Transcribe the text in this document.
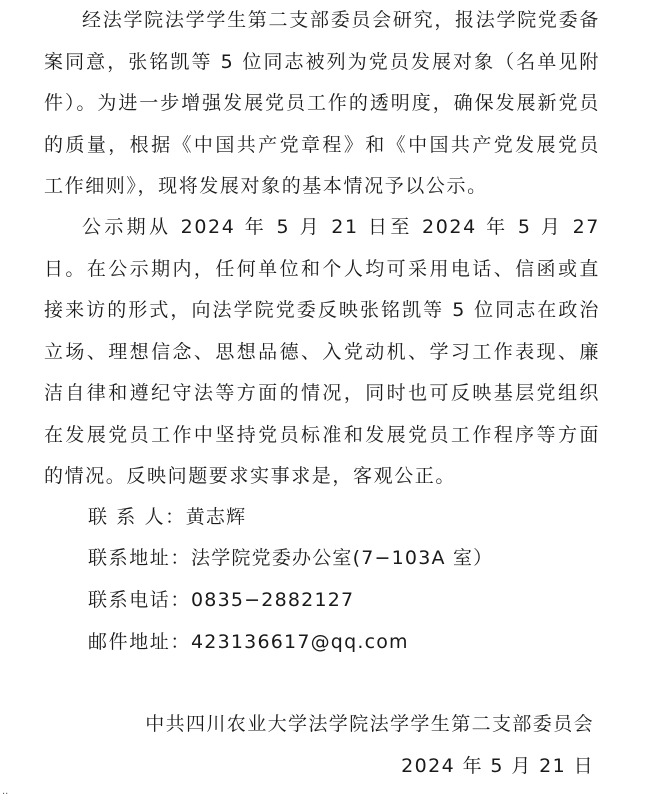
经法学院法学学生第二支部委员会研究，报法学院党委备案同意，张铭凯等 5 位同志被列为党员发展对象（名单见附件）。为进一步增强发展党员工作的透明度，确保发展新党员的质量，根据《中国共产党章程》和《中国共产党发展党员工作细则》，现将发展对象的基本情况予以公示。

公示期从 2024 年 5 月 21 日至 2024 年 5 月 27 日。在公示期内，任何单位和个人均可采用电话、信函或直接来访的形式，向法学院党委反映张铭凯等 5 位同志在政治立场、理想信念、思想品德、入党动机、学习工作表现、廉洁自律和遵纪守法等方面的情况，同时也可反映基层党组织在发展党员工作中坚持党员标准和发展党员工作程序等方面的情况。反映问题要求实事求是，客观公正。

联 系 人：黄志辉
联系地址：法学院党委办公室(7−103A 室）
联系电话：0835−2882127
邮件地址：423136617@qq.com
中共四川农业大学法学院法学学生第二支部委员会
2024 年 5 月 21 日
..
